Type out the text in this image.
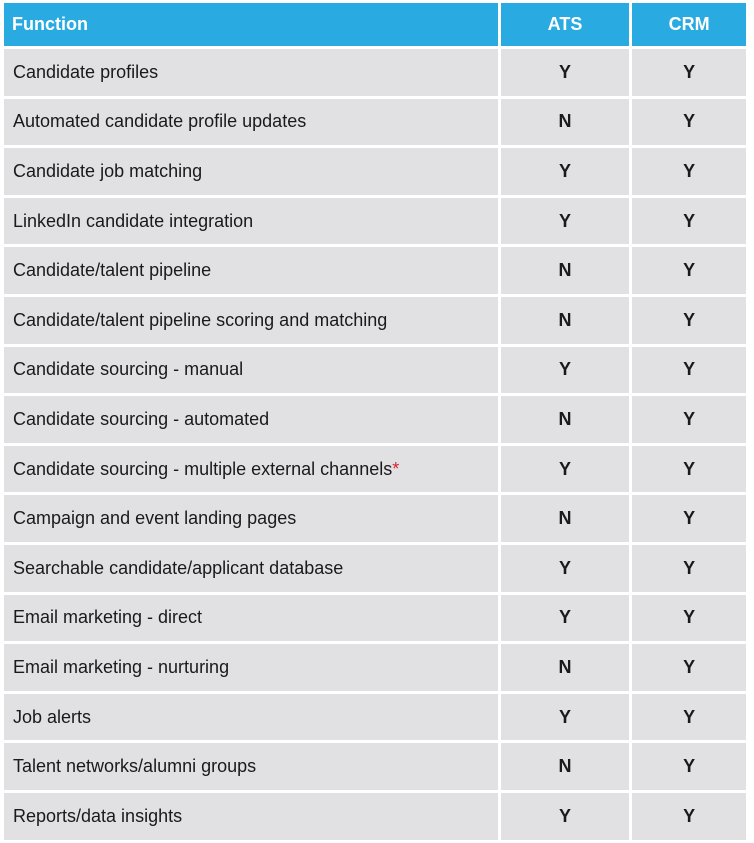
Function	ATS	CRM
Candidate profiles	Y	Y
Automated candidate profile updates	N	Y
Candidate job matching	Y	Y
LinkedIn candidate integration	Y	Y
Candidate/talent pipeline	N	Y
Candidate/talent pipeline scoring and matching	N	Y
Candidate sourcing - manual	Y	Y
Candidate sourcing - automated	N	Y
Candidate sourcing - multiple external channels*	Y	Y
Campaign and event landing pages	N	Y
Searchable candidate/applicant database	Y	Y
Email marketing - direct	Y	Y
Email marketing - nurturing	N	Y
Job alerts	Y	Y
Talent networks/alumni groups	N	Y
Reports/data insights	Y	Y
